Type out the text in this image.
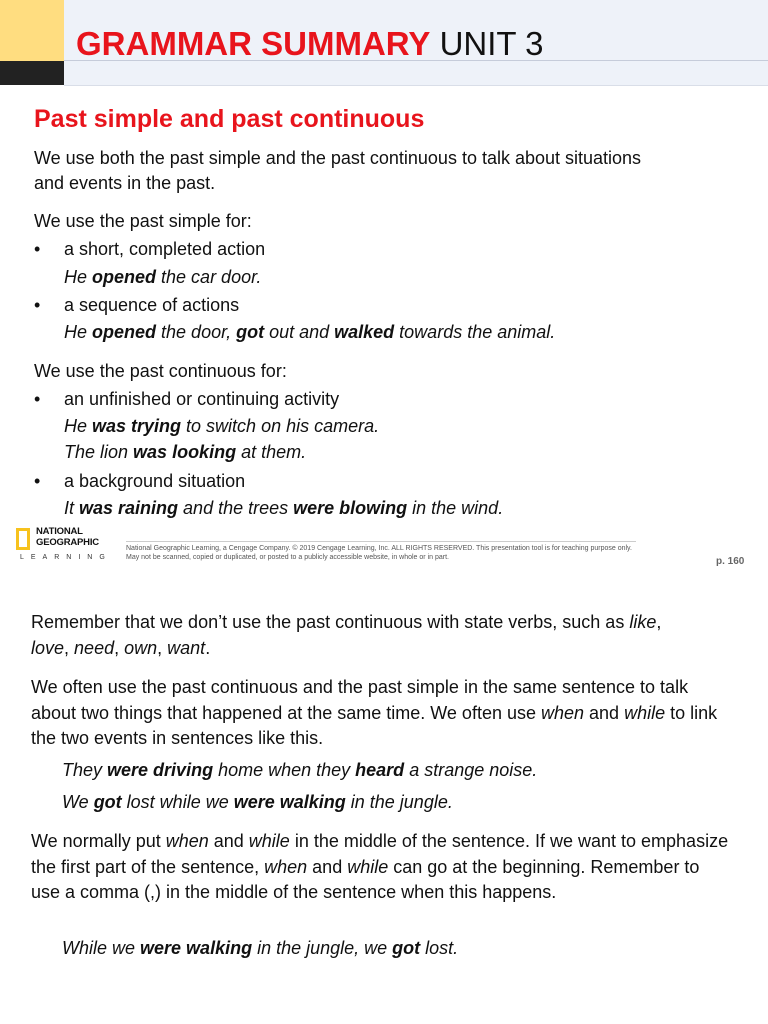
GRAMMAR SUMMARY UNIT 3
Past simple and past continuous

We use both the past simple and the past continuous to talk about situations

and events in the past.

We use the past simple for:

• a short, completed action
He opened the car door.
• a sequence of actions
He opened the door, got out and walked towards the animal.

We use the past continuous for:

• an unfinished or continuing activity
He was trying to switch on his camera.
The lion was looking at them.
• a background situation
It was raining and the trees were blowing in the wind.
NATIONAL
GEOGRAPHIC
LEARNING
National Geographic Learning, a Cengage Company. © 2019 Cengage Learning, Inc. ALL RIGHTS RESERVED. This presentation tool is for teaching purpose only. May not be scanned, copied or duplicated, or posted to a publicly accessible website, in whole or in part.	p. 160

Remember that we don’t use the past continuous with state verbs, such as like,
love, need, own, want.

We often use the past continuous and the past simple in the same sentence to talk about two things that happened at the same time. We often use when and while to link the two events in sentences like this.

They were driving home when they heard a strange noise.
We got lost while we were walking in the jungle.

We normally put when and while in the middle of the sentence. If we want to emphasize the first part of the sentence, when and while can go at the beginning. Remember to use a comma (,) in the middle of the sentence when this happens.

While we were walking in the jungle, we got lost.
